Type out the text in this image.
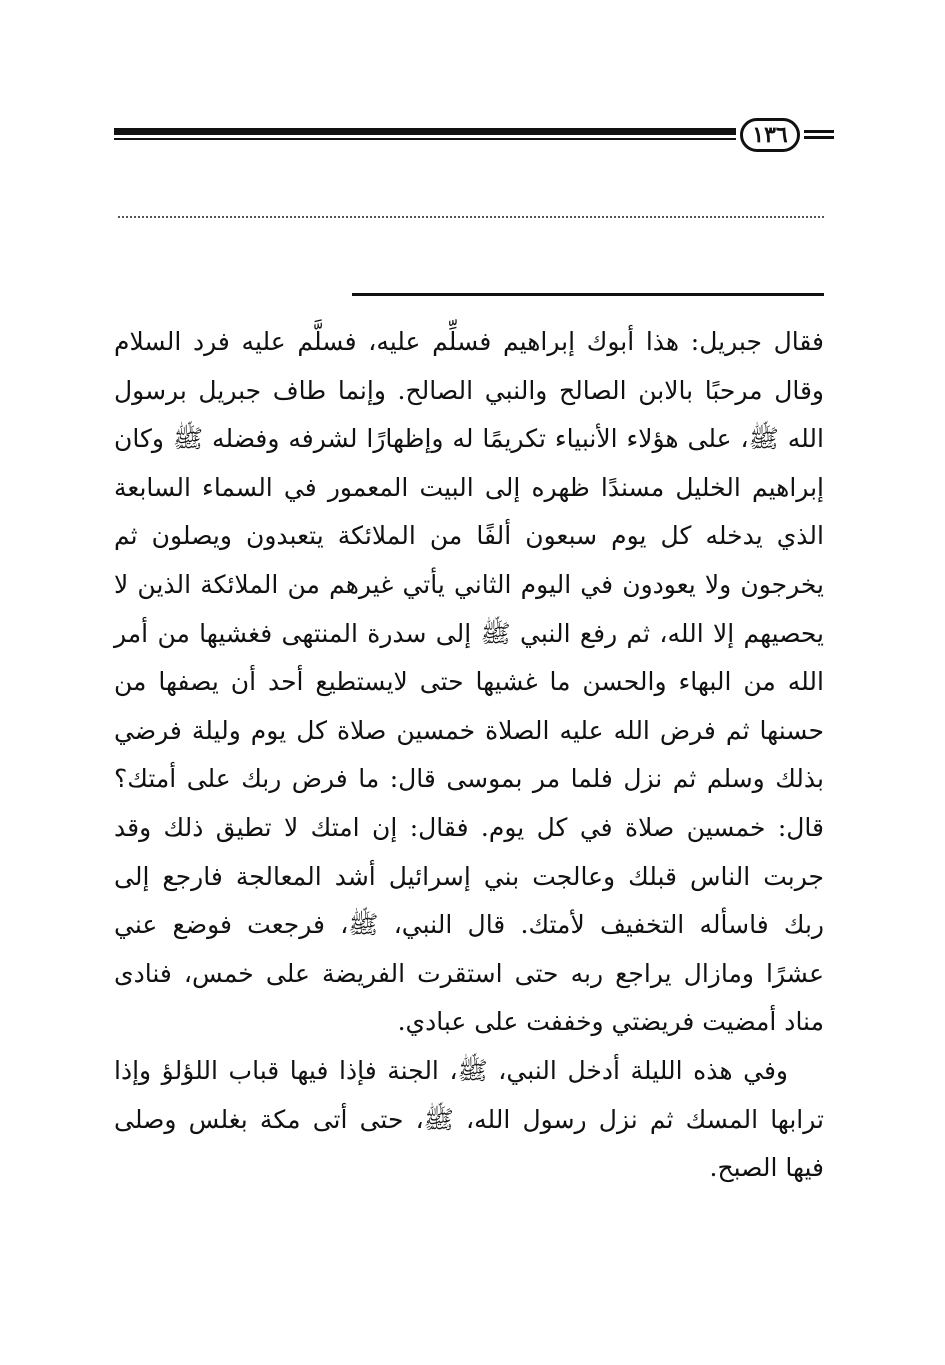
١٣٦

فقال جبريل: هذا أبوك إبراهيم فسلِّم عليه، فسلَّم عليه فرد السلام وقال مرحبًا بالابن الصالح والنبي الصالح. وإنما طاف جبريل برسول الله ﷺ، على هؤلاء الأنبياء تكريمًا له وإظهارًا لشرفه وفضله ﷺ وكان إبراهيم الخليل مسندًا ظهره إلى البيت المعمور في السماء السابعة الذي يدخله كل يوم سبعون ألفًا من الملائكة يتعبدون ويصلون ثم يخرجون ولا يعودون في اليوم الثاني يأتي غيرهم من الملائكة الذين لا يحصيهم إلا الله، ثم رفع النبي ﷺ إلى سدرة المنتهى فغشيها من أمر الله من البهاء والحسن ما غشيها حتى لايستطيع أحد أن يصفها من حسنها ثم فرض الله عليه الصلاة خمسين صلاة كل يوم وليلة فرضي بذلك وسلم ثم نزل فلما مر بموسى قال: ما فرض ربك على أمتك؟ قال: خمسين صلاة في كل يوم. فقال: إن امتك لا تطيق ذلك وقد جربت الناس قبلك وعالجت بني إسرائيل أشد المعالجة فارجع إلى ربك فاسأله التخفيف لأمتك. قال النبي، ﷺ، فرجعت فوضع عني عشرًا ومازال يراجع ربه حتى استقرت الفريضة على خمس، فنادى مناد أمضيت فريضتي وخففت على عبادي.

وفي هذه الليلة أدخل النبي، ﷺ، الجنة فإذا فيها قباب اللؤلؤ وإذا ترابها المسك ثم نزل رسول الله، ﷺ، حتى أتى مكة بغلس وصلى فيها الصبح.
